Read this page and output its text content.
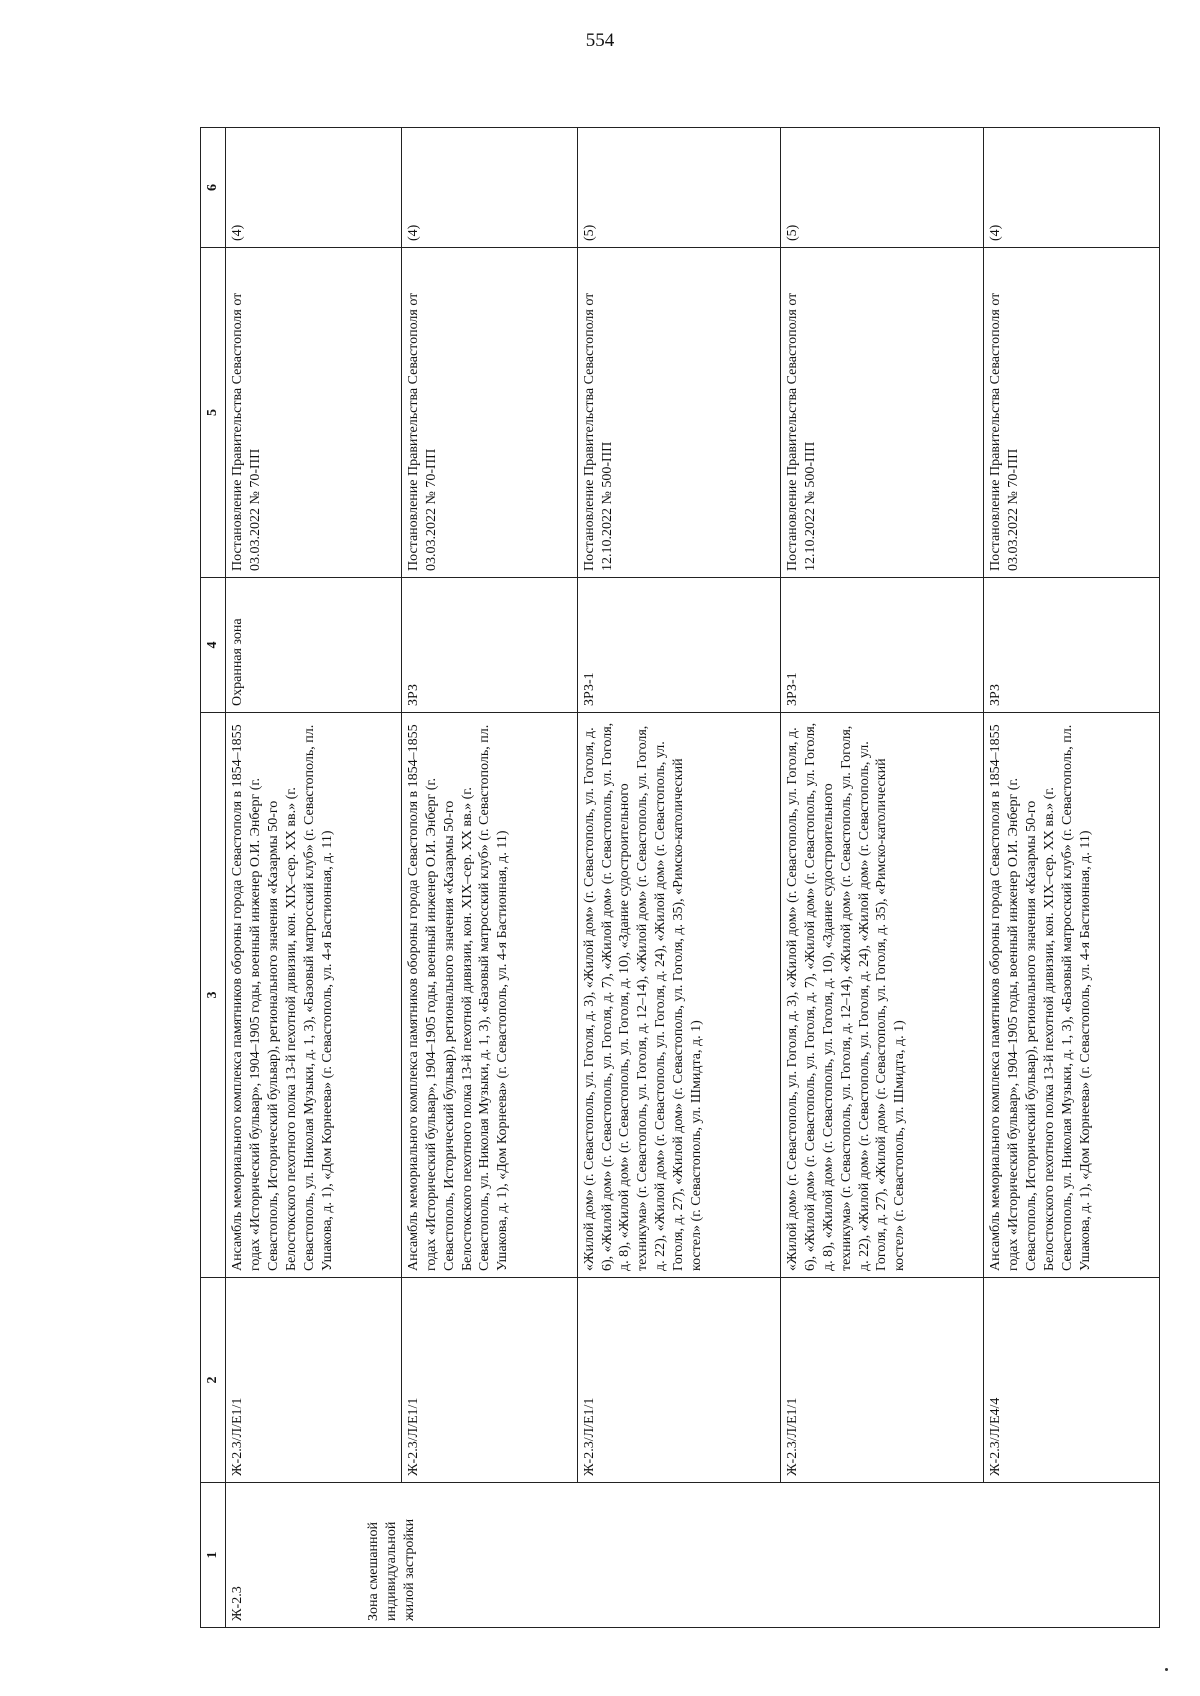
554
1	2	3	4	5	6

Ж-2.3 Зона смешанной индивидуальной жилой застройки	Ж-2.3/Л/Е1/1	Ансамбль мемориального комплекса памятников обороны города Севастополя в 1854–1855 годах «Исторический бульвар», 1904–1905 годы, военный инженер О.И. Энберг (г. Севастополь, Исторический бульвар), регионального значения «Казармы 50-го Белостокского пехотного полка 13-й пехотной дивизии, кон. XIX–сер. XX вв.» (г. Севастополь, ул. Николая Музыки, д. 1, 3), «Базовый матросский клуб» (г. Севастополь, пл. Ушакова, д. 1), «Дом Корнеева» (г. Севастополь, ул. 4-я Бастионная, д. 11)	Охранная зона	Постановление Правительства Севастополя от 03.03.2022 № 70-ПП	(4)
	Ж-2.3/Л/Е1/1	Ансамбль мемориального комплекса памятников обороны города Севастополя в 1854–1855 годах «Исторический бульвар», 1904–1905 годы, военный инженер О.И. Энберг (г. Севастополь, Исторический бульвар), регионального значения «Казармы 50-го Белостокского пехотного полка 13-й пехотной дивизии, кон. XIX–сер. XX вв.» (г. Севастополь, ул. Николая Музыки, д. 1, 3), «Базовый матросский клуб» (г. Севастополь, пл. Ушакова, д. 1), «Дом Корнеева» (г. Севастополь, ул. 4-я Бастионная, д. 11)	ЗРЗ	Постановление Правительства Севастополя от 03.03.2022 № 70-ПП	(4)
	Ж-2.3/Л/Е1/1	«Жилой дом» (г. Севастополь, ул. Гоголя, д. 3), «Жилой дом» (г. Севастополь, ул. Гоголя, д. 6), «Жилой дом» (г. Севастополь, ул. Гоголя, д. 7), «Жилой дом» (г. Севастополь, ул. Гоголя, д. 8), «Жилой дом» (г. Севастополь, ул. Гоголя, д. 10), «Здание судостроительного техникума» (г. Севастополь, ул. Гоголя, д. 12–14), «Жилой дом» (г. Севастополь, ул. Гоголя, д. 22), «Жилой дом» (г. Севастополь, ул. Гоголя, д. 24), «Жилой дом» (г. Севастополь, ул. Гоголя, д. 27), «Жилой дом» (г. Севастополь, ул. Гоголя, д. 35), «Римско-католический костел» (г. Севастополь, ул. Шмидта, д. 1)	ЗРЗ-1	Постановление Правительства Севастополя от 12.10.2022 № 500-ПП	(5)
	Ж-2.3/Л/Е1/1	«Жилой дом» (г. Севастополь, ул. Гоголя, д. 3), «Жилой дом» (г. Севастополь, ул. Гоголя, д. 6), «Жилой дом» (г. Севастополь, ул. Гоголя, д. 7), «Жилой дом» (г. Севастополь, ул. Гоголя, д. 8), «Жилой дом» (г. Севастополь, ул. Гоголя, д. 10), «Здание судостроительного техникума» (г. Севастополь, ул. Гоголя, д. 12–14), «Жилой дом» (г. Севастополь, ул. Гоголя, д. 22), «Жилой дом» (г. Севастополь, ул. Гоголя, д. 24), «Жилой дом» (г. Севастополь, ул. Гоголя, д. 27), «Жилой дом» (г. Севастополь, ул. Гоголя, д. 35), «Римско-католический костел» (г. Севастополь, ул. Шмидта, д. 1)	ЗРЗ-1	Постановление Правительства Севастополя от 12.10.2022 № 500-ПП	(5)
	Ж-2.3/Л/Е4/4	Ансамбль мемориального комплекса памятников обороны города Севастополя в 1854–1855 годах «Исторический бульвар», 1904–1905 годы, военный инженер О.И. Энберг (г. Севастополь, Исторический бульвар), регионального значения «Казармы 50-го Белостокского пехотного полка 13-й пехотной дивизии, кон. XIX–сер. XX вв.» (г. Севастополь, ул. Николая Музыки, д. 1, 3), «Базовый матросский клуб» (г. Севастополь, пл. Ушакова, д. 1), «Дом Корнеева» (г. Севастополь, ул. 4-я Бастионная, д. 11)	ЗРЗ	Постановление Правительства Севастополя от 03.03.2022 № 70-ПП	(4)
